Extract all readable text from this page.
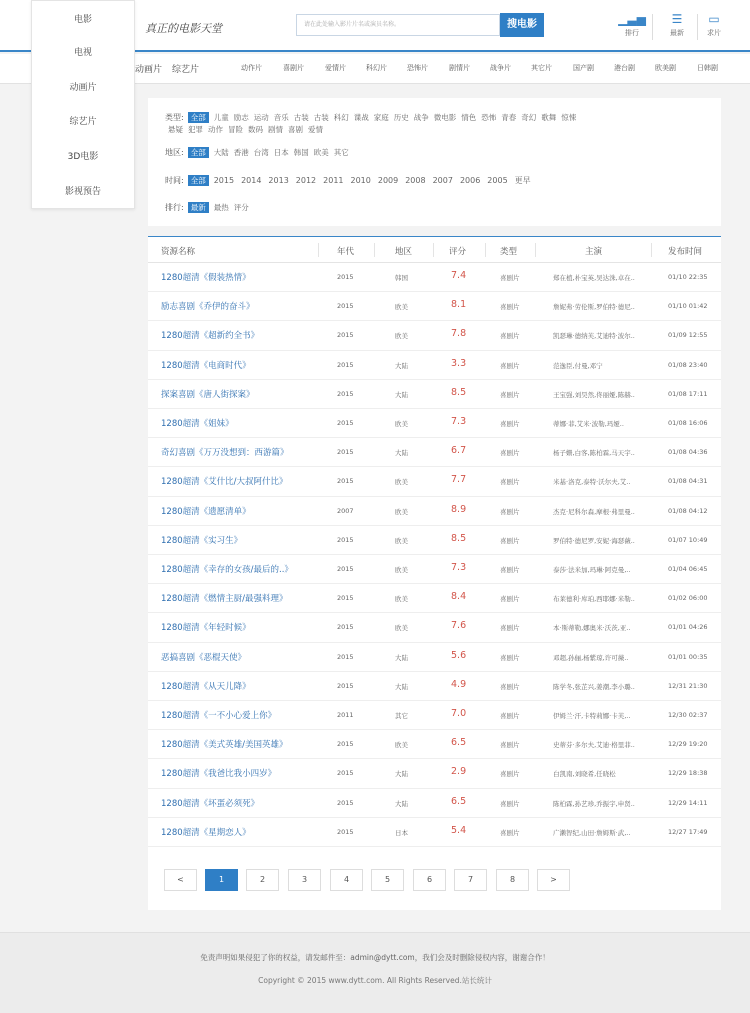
真正的电影天堂	请在此处输入影片片名或演员名称。	搜电影	▁▃▅
排行
☰
最新
▭
求片
动画片 综艺片	动作片	喜剧片	爱情片	科幻片	恐怖片	剧情片	战争片	其它片	国产剧	港台剧	欧美剧	日韩剧
电影
电视
动画片
综艺片
3D电影
影视预告
类型: 全部 儿童 励志 运动 音乐 古装 古装 科幻 谍战 家庭 历史 战争 微电影 情色 恐怖 青春 奇幻 歌舞 惊悚
悬疑 犯罪 动作 冒险 数码 剧情 喜剧 爱情
地区: 全部 大陆 香港 台湾 日本 韩国 欧美 其它
时间: 全部 2015 2014 2013 2012 2011 2010 2009 2008 2007 2006 2005 更早
排行: 最新 最热 评分
资源名称	年代	地区	评分	类型	主演	发布时间
1280超清《假装热情》	2015	韩国	7.4	喜剧片	郑在植,朴宝英,吴达洙,卓在..	01/10 22:35
励志喜剧《乔伊的奋斗》	2015	欧美	8.1	喜剧片	詹妮弗·劳伦斯,罗伯特·德尼..	01/10 01:42
1280超清《超新约全书》	2015	欧美	7.8	喜剧片	凯瑟琳·德纳芙,艾迪特·波尔..	01/09 12:55
1280超清《电商时代》	2015	大陆	3.3	喜剧片	范逸臣,付曼,邓宁	01/08 23:40
探案喜剧《唐人街探案》	2015	大陆	8.5	喜剧片	王宝强,刘昊然,佟丽娅,陈赫..	01/08 17:11
1280超清《姐妹》	2015	欧美	7.3	喜剧片	蒂娜·菲,艾米·波勒,玛娅..	01/08 16:06
奇幻喜剧《万万没想到：西游篇》	2015	大陆	6.7	喜剧片	杨子姗,白客,陈柏霖,马天宇..	01/08 04:36
1280超清《艾什比/大叔阿什比》	2015	欧美	7.7	喜剧片	米基·洛克,泰特·沃尔夫,艾..	01/08 04:31
1280超清《遗愿清单》	2007	欧美	8.9	喜剧片	杰克·尼科尔森,摩根·弗里曼..	01/08 04:12
1280超清《实习生》	2015	欧美	8.5	喜剧片	罗伯特·德尼罗,安妮·海瑟薇..	01/07 10:49
1280超清《幸存的女孩/最后的..》	2015	欧美	7.3	喜剧片	泰莎·法米加,玛琳·阿克曼,..	01/04 06:45
1280超清《燃情主厨/最强料理》	2015	欧美	8.4	喜剧片	布莱德利·库珀,西耶娜·米勒..	01/02 06:00
1280超清《年轻时候》	2015	欧美	7.6	喜剧片	本·斯蒂勒,娜奥米·沃茨,亚..	01/01 04:26
恶搞喜剧《恶棍天使》	2015	大陆	5.6	喜剧片	邓超,孙俪,杨紫琼,许可薇..	01/01 00:35
1280超清《从天儿降》	2015	大陆	4.9	喜剧片	陈学冬,张芷兴,姜潮,李小璐..	12/31 21:30
1280超清《一不小心爱上你》	2011	其它	7.0	喜剧片	伊姆兰·汗,卡特莉娜·卡芙,..	12/30 02:37
1280超清《美式英雄/美国英雄》	2015	欧美	6.5	喜剧片	史蒂芬·多尔夫,艾迪·格里菲..	12/29 19:20
1280超清《我爸比我小四岁》	2015	大陆	2.9	喜剧片	白凯南,刘晓希,任晓松	12/29 18:38
1280超清《坏蛋必须死》	2015	大陆	6.5	喜剧片	陈柏霖,孙艺珍,乔振宇,申贤..	12/29 14:11
1280超清《星期恋人》	2015	日本	5.4	喜剧片	广濑智纪,山田·詹姆斯·武,..	12/27 17:49
<	1	2	3	4	5	6	7	8	>
免责声明如果侵犯了你的权益，请发邮件至：admin@dytt.com，我们会及时删除侵权内容，谢谢合作！
Copyright © 2015 www.dytt.com. All Rights Reserved.站长统计
